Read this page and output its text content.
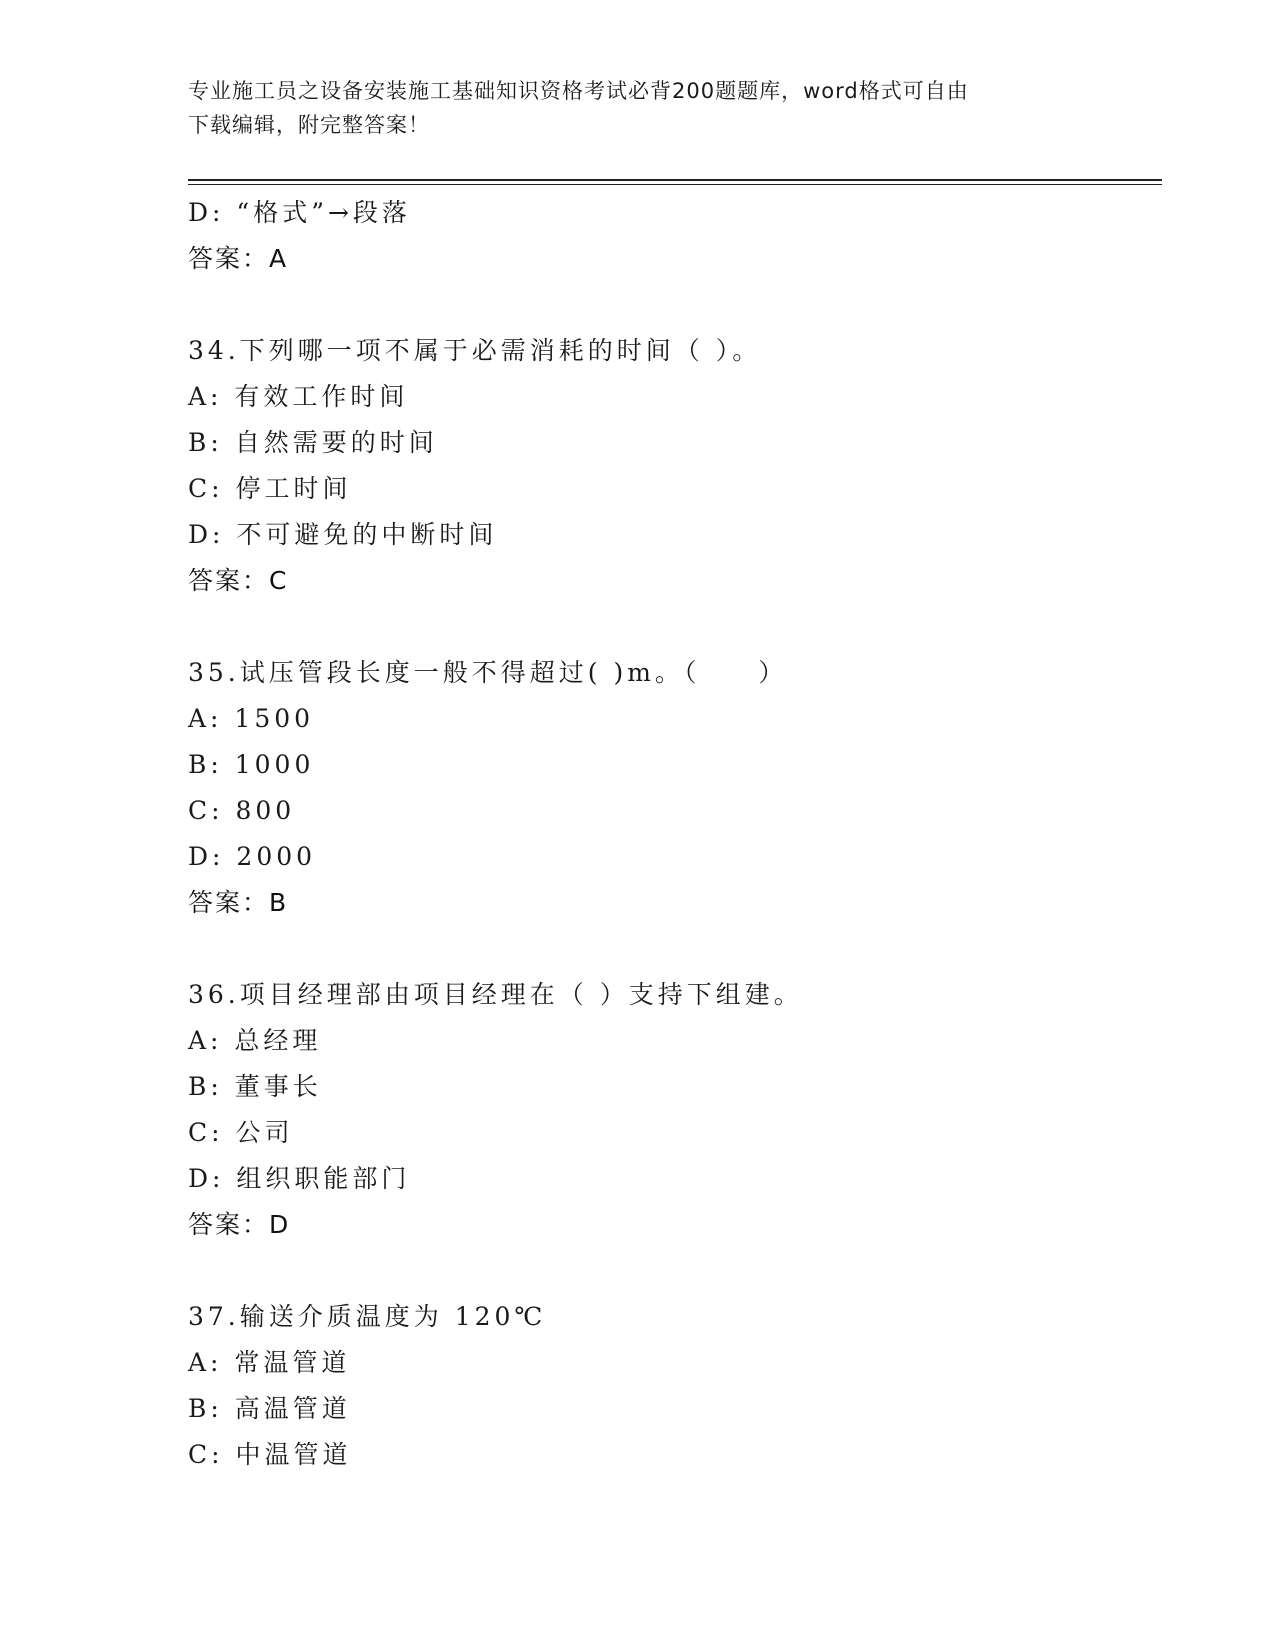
专业施工员之设备安装施工基础知识资格考试必背200题题库，word格式可自由
下载编辑，附完整答案！
D: “格式”→段落
答案：A
34.下列哪一项不属于必需消耗的时间（ ）。
A: 有效工作时间
B: 自然需要的时间
C: 停工时间
D: 不可避免的中断时间
答案：C
35.试压管段长度一般不得超过( )m。（　　）
A: 1500
B: 1000
C: 800
D: 2000
答案：B
36.项目经理部由项目经理在（ ）支持下组建。
A: 总经理
B: 董事长
C: 公司
D: 组织职能部门
答案：D
37.输送介质温度为 120℃
A: 常温管道
B: 高温管道
C: 中温管道
